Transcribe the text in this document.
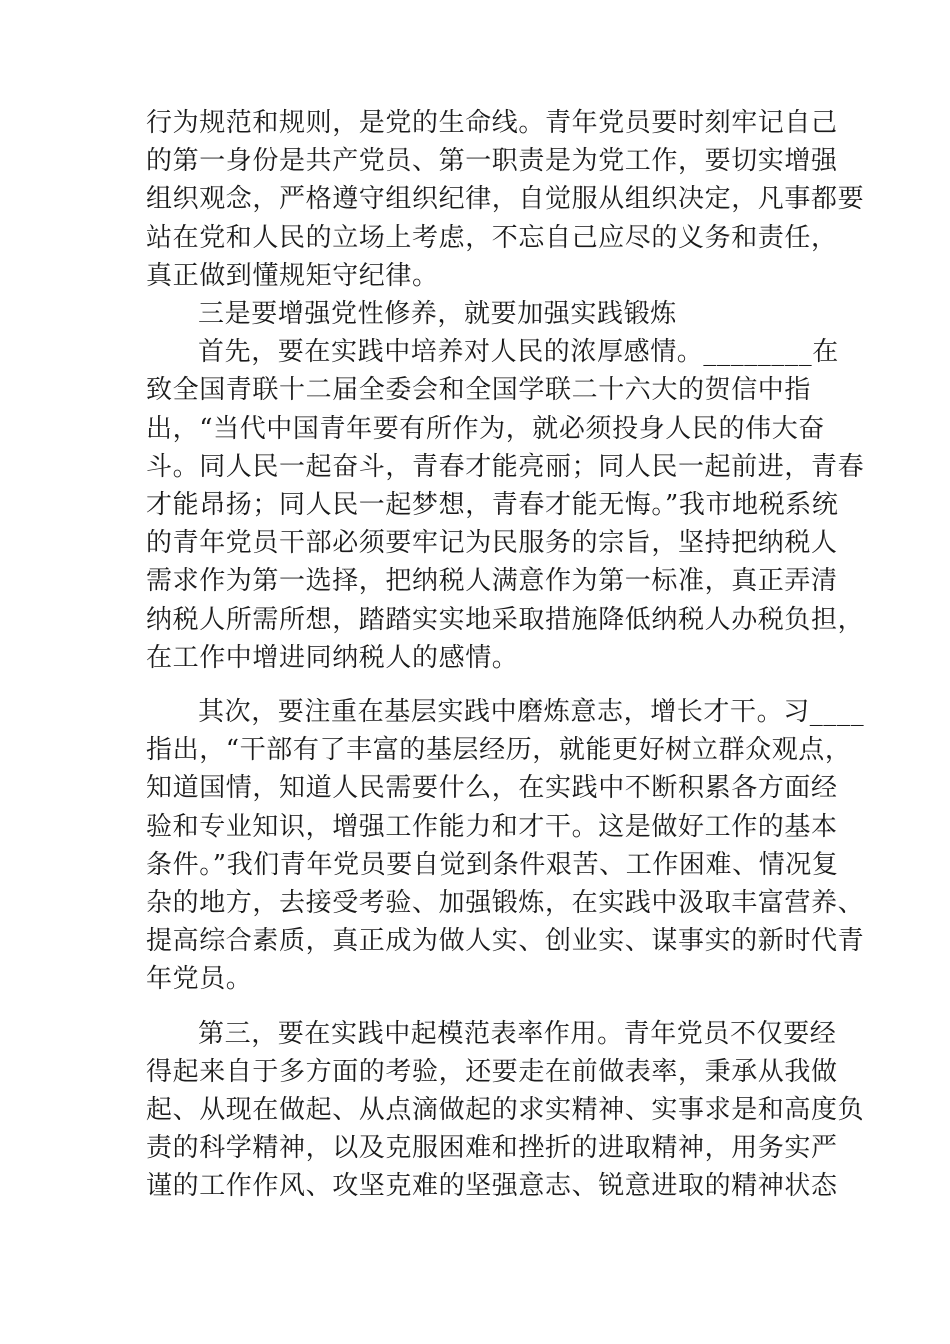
行为规范和规则，是党的生命线。青年党员要时刻牢记自己
的第一身份是共产党员、第一职责是为党工作，要切实增强
组织观念，严格遵守组织纪律，自觉服从组织决定，凡事都要
站在党和人民的立场上考虑，不忘自己应尽的义务和责任，
真正做到懂规矩守纪律。

三是要增强党性修养，就要加强实践锻炼

首先，要在实践中培养对人民的浓厚感情。________在
致全国青联十二届全委会和全国学联二十六大的贺信中指
出，“当代中国青年要有所作为，就必须投身人民的伟大奋
斗。同人民一起奋斗，青春才能亮丽；同人民一起前进，青春
才能昂扬；同人民一起梦想，青春才能无悔。”我市地税系统
的青年党员干部必须要牢记为民服务的宗旨，坚持把纳税人
需求作为第一选择，把纳税人满意作为第一标准，真正弄清
纳税人所需所想，踏踏实实地采取措施降低纳税人办税负担，
在工作中增进同纳税人的感情。

其次，要注重在基层实践中磨炼意志，增长才干。习____
指出，“干部有了丰富的基层经历，就能更好树立群众观点，
知道国情，知道人民需要什么，在实践中不断积累各方面经
验和专业知识，增强工作能力和才干。这是做好工作的基本
条件。”我们青年党员要自觉到条件艰苦、工作困难、情况复
杂的地方，去接受考验、加强锻炼，在实践中汲取丰富营养、
提高综合素质，真正成为做人实、创业实、谋事实的新时代青
年党员。

第三，要在实践中起模范表率作用。青年党员不仅要经
得起来自于多方面的考验，还要走在前做表率，秉承从我做
起、从现在做起、从点滴做起的求实精神、实事求是和高度负
责的科学精神，以及克服困难和挫折的进取精神，用务实严
谨的工作作风、攻坚克难的坚强意志、锐意进取的精神状态
